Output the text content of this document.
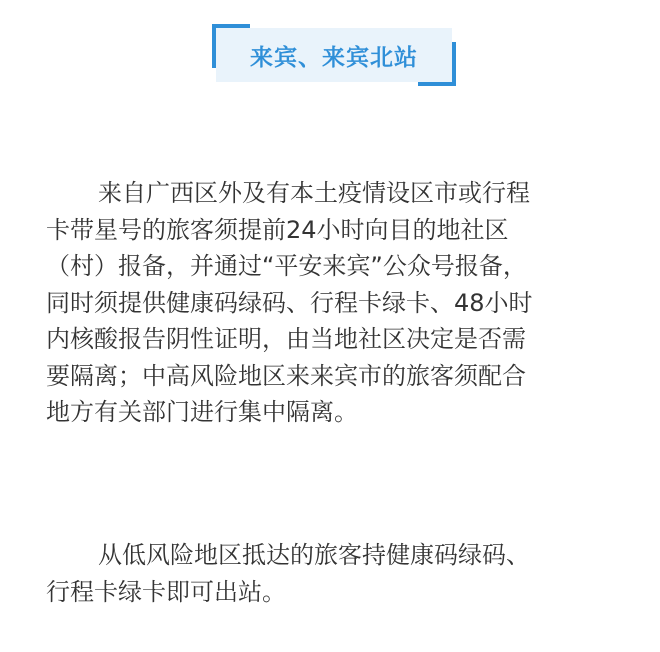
来宾、来宾北站
来自广西区外及有本土疫情设区市或行程
卡带星号的旅客须提前24小时向目的地社区
（村）报备，并通过“平安来宾”公众号报备，
同时须提供健康码绿码、行程卡绿卡、48小时
内核酸报告阴性证明，由当地社区决定是否需
要隔离；中高风险地区来来宾市的旅客须配合
地方有关部门进行集中隔离。
从低风险地区抵达的旅客持健康码绿码、
行程卡绿卡即可出站。
